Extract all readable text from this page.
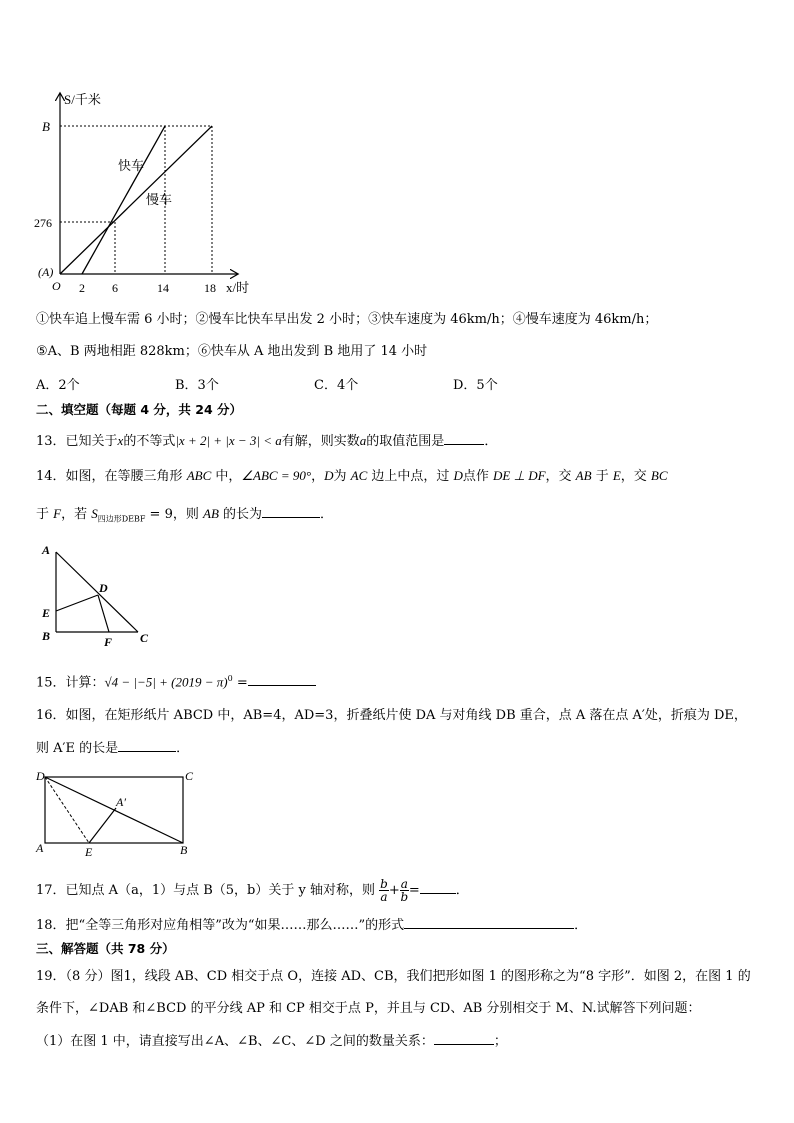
S/千米
B
276
(A)
O 2 6	14	18 x/时
快车
慢车
①快车追上慢车需 6 小时；②慢车比快车早出发 2 小时；③快车速度为 46km/h；④慢车速度为 46km/h；
⑤A、B 两地相距 828km；⑥快车从 A 地出发到 B 地用了 14 小时
A．2个	B．3个	C．4个	D．5个
二、填空题（每题 4 分，共 24 分）
13．已知关于x的不等式|x + 2| + |x − 3| < a有解，则实数a的取值范围是	．
14．如图，在等腰三角形 ABC 中，∠ABC = 90°，D为 AC 边上中点，过 D点作 DE ⊥ DF，交 AB 于 E，交 BC
于 F，若 $S_{四边形DEBF} = 9$，则 AB 的长为	．
A
D
E
B	F C
15．计算：$√4 - |-5| + (2019 - \pi)^0$ =
16．如图，在矩形纸片 ABCD 中，AB=4，AD=3，折叠纸片使 DA 与对角线 DB 重合，点 A 落在点 A′处，折痕为 DE，
则 A′E 的长是	．
D	C
A′
A	E	B
17．已知点 A（a，1）与点 B（5，b）关于 y 轴对称，则 $\frac{b}{a} + \frac{a}{b}$ =	．
18．把“全等三角形对应角相等”改为“如果……那么……”的形式	．
三、解答题（共 78 分）
19．（8 分）图1，线段 AB、CD 相交于点 O，连接 AD、CB，我们把形如图 1 的图形称之为“8 字形”．如图 2，在图 1 的
条件下，∠DAB 和∠BCD 的平分线 AP 和 CP 相交于点 P，并且与 CD、AB 分别相交于 M、N.试解答下列问题：
（1）在图 1 中，请直接写出∠A、∠B、∠C、∠D 之间的数量关系：	；
